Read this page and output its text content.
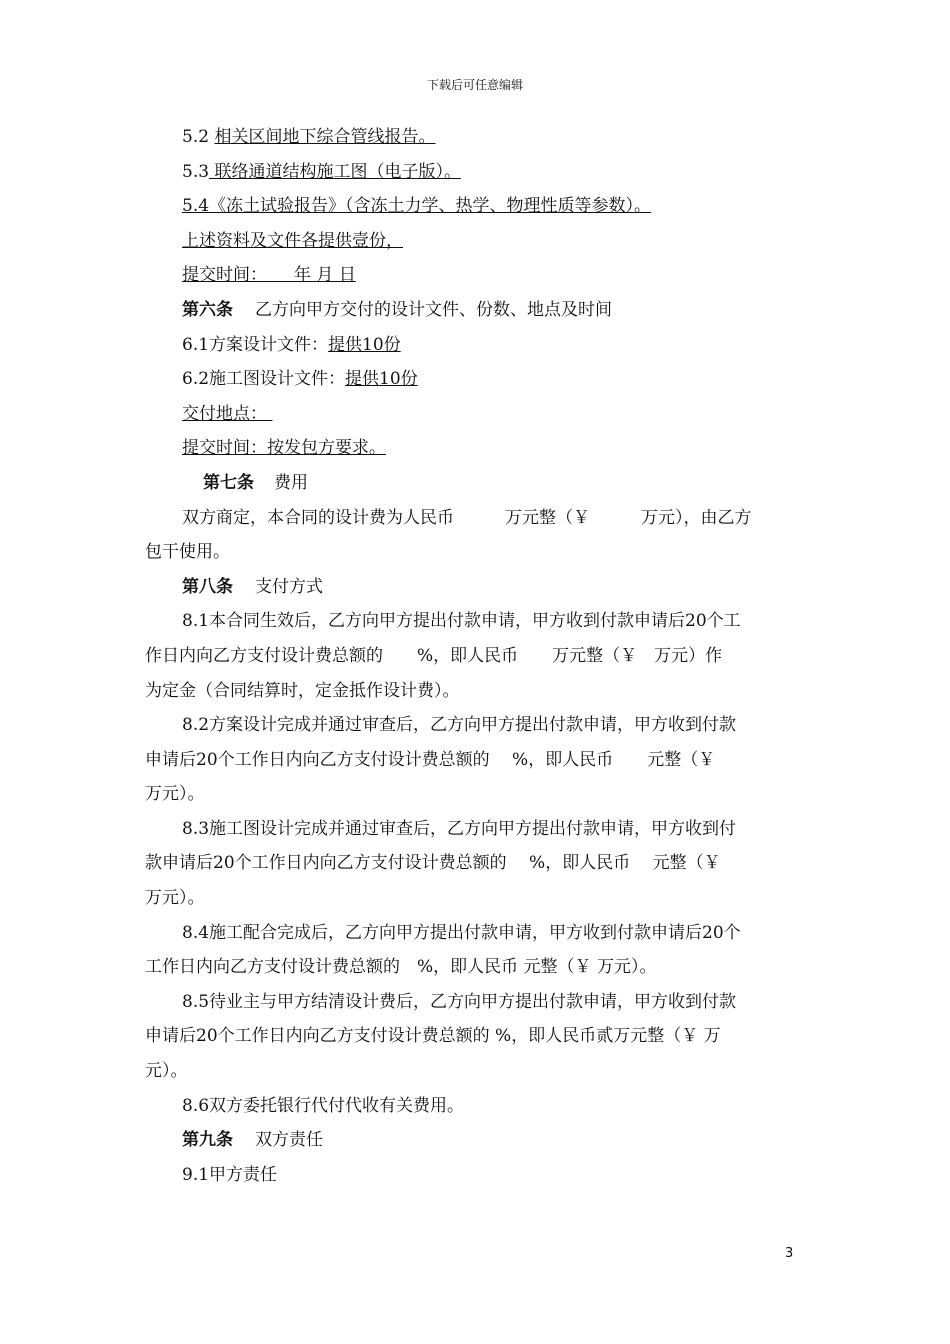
下载后可任意编辑
5.2 相关区间地下综合管线报告。
5.3 联络通道结构施工图（电子版）。
5.4《冻土试验报告》（含冻土力学、热学、物理性质等参数）。
上述资料及文件各提供壹份，
提交时间：     年 月 日
第六条 乙方向甲方交付的设计文件、份数、地点及时间
6.1方案设计文件：提供10份
6.2施工图设计文件：提供10份
交付地点：
提交时间：按发包方要求。
第七条 费用
双方商定，本合同的设计费为人民币　　　万元整（￥　　　万元），由乙方
包干使用。
第八条 支付方式
8.1本合同生效后，乙方向甲方提出付款申请，甲方收到付款申请后20个工
作日内向乙方支付设计费总额的　　%，即人民币　　万元整（￥　万元）作
为定金（合同结算时，定金抵作设计费）。
8.2方案设计完成并通过审查后，乙方向甲方提出付款申请，甲方收到付款
申请后20个工作日内向乙方支付设计费总额的　 %，即人民币　　元整（￥
万元）。
8.3施工图设计完成并通过审查后，乙方向甲方提出付款申请，甲方收到付
款申请后20个工作日内向乙方支付设计费总额的　 %，即人民币　 元整（￥
万元）。
8.4施工配合完成后，乙方向甲方提出付款申请，甲方收到付款申请后20个
工作日内向乙方支付设计费总额的　%，即人民币 元整（￥ 万元）。
8.5待业主与甲方结清设计费后，乙方向甲方提出付款申请，甲方收到付款
申请后20个工作日内向乙方支付设计费总额的 %，即人民币贰万元整（￥ 万
元）。
8.6双方委托银行代付代收有关费用。
第九条 双方责任
9.1甲方责任
3
